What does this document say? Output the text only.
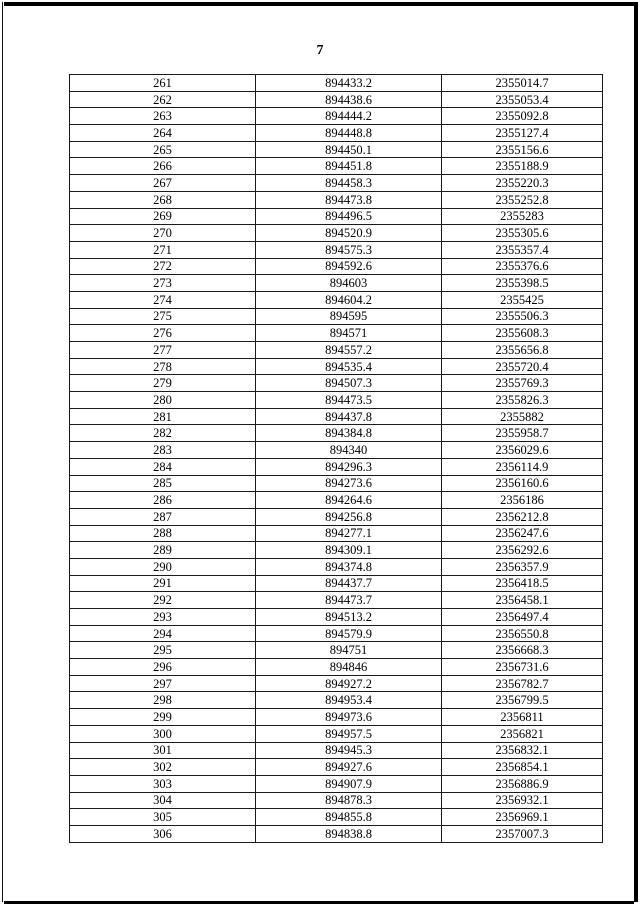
7
261	894433.2	2355014.7
262	894438.6	2355053.4
263	894444.2	2355092.8
264	894448.8	2355127.4
265	894450.1	2355156.6
266	894451.8	2355188.9
267	894458.3	2355220.3
268	894473.8	2355252.8
269	894496.5	2355283
270	894520.9	2355305.6
271	894575.3	2355357.4
272	894592.6	2355376.6
273	894603	2355398.5
274	894604.2	2355425
275	894595	2355506.3
276	894571	2355608.3
277	894557.2	2355656.8
278	894535.4	2355720.4
279	894507.3	2355769.3
280	894473.5	2355826.3
281	894437.8	2355882
282	894384.8	2355958.7
283	894340	2356029.6
284	894296.3	2356114.9
285	894273.6	2356160.6
286	894264.6	2356186
287	894256.8	2356212.8
288	894277.1	2356247.6
289	894309.1	2356292.6
290	894374.8	2356357.9
291	894437.7	2356418.5
292	894473.7	2356458.1
293	894513.2	2356497.4
294	894579.9	2356550.8
295	894751	2356668.3
296	894846	2356731.6
297	894927.2	2356782.7
298	894953.4	2356799.5
299	894973.6	2356811
300	894957.5	2356821
301	894945.3	2356832.1
302	894927.6	2356854.1
303	894907.9	2356886.9
304	894878.3	2356932.1
305	894855.8	2356969.1
306	894838.8	2357007.3
